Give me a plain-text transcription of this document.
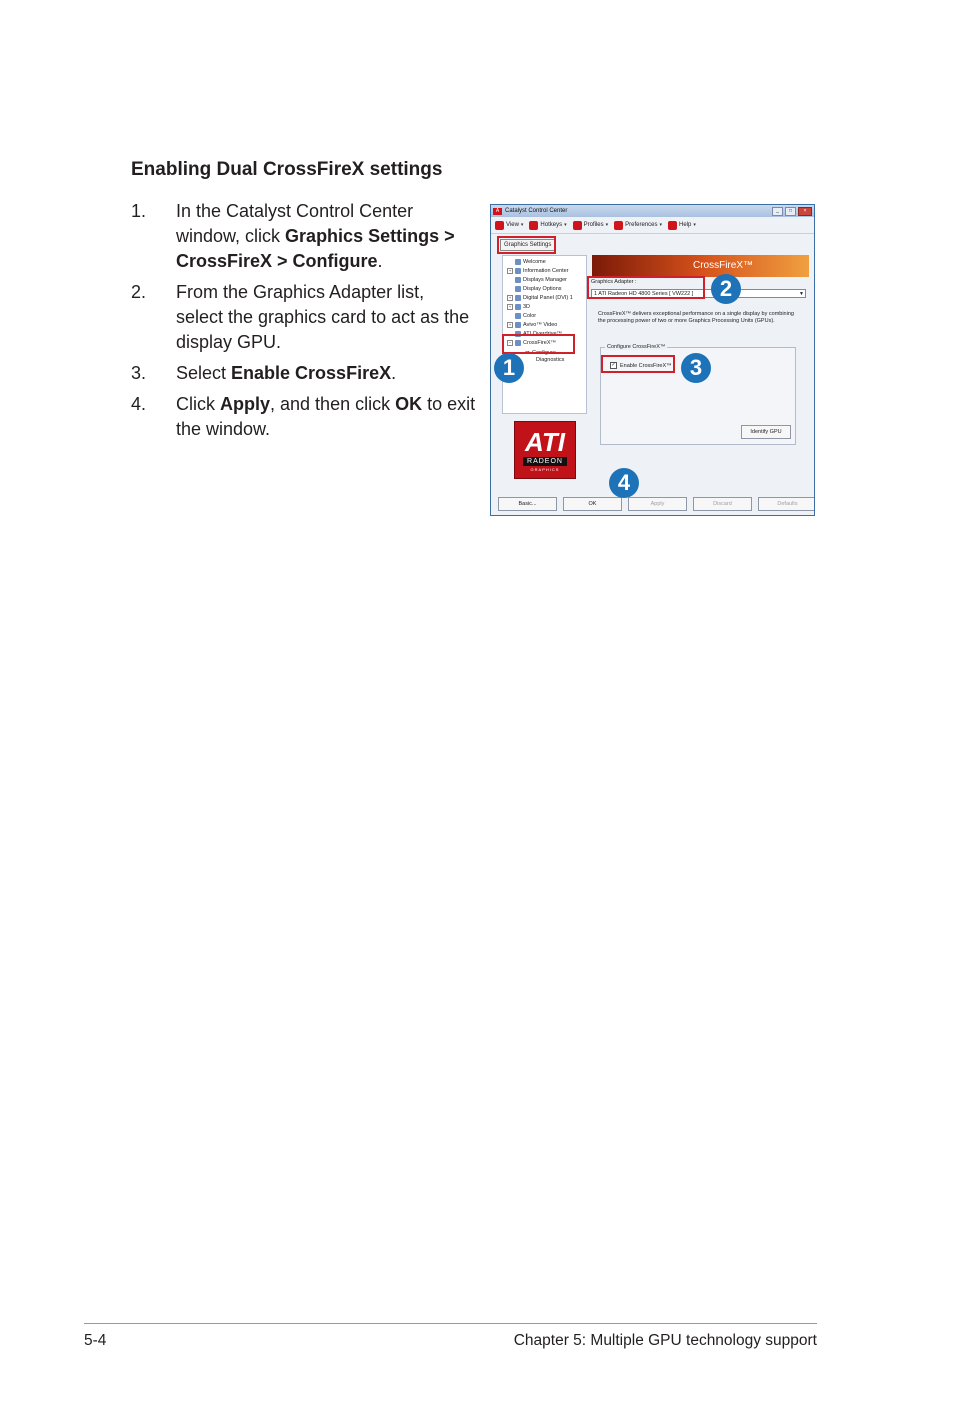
Enabling Dual CrossFireX settings
1. In the Catalyst Control Center window, click Graphics Settings > CrossFireX > Configure.
2. From the Graphics Adapter list, select the graphics card to act as the display GPU.
3. Select Enable CrossFireX.
4. Click Apply, and then click OK to exit the window.
A Catalyst Control Center	_	□	×
View ▾	Hotkeys ▾	Profiles ▾	Preferences ▾	Help ▾
Graphics Settings
Welcome
+	Information Center
Displays Manager
Display Options
+	Digital Panel (DVI) 1
+	3D
Color
+	Avivo™ Video
ATI Overdrive™
−	CrossFireX™
➡ Configure
Diagnostics
CrossFireX™
Graphics Adapter :
1 ATI Radeon HD 4800 Series [ VW222 ]	▼
CrossFireX™ delivers exceptional performance on a single display by combining the processing power of two or more Graphics Processing Units (GPUs).
Configure CrossFireX™
✓ Enable CrossFireX™
Identify GPU
ATI
RADEON
GRAPHICS
Basic...	OK	Apply	Discard	Defaults
1
2
3
4
5-4	Chapter 5: Multiple GPU technology support
